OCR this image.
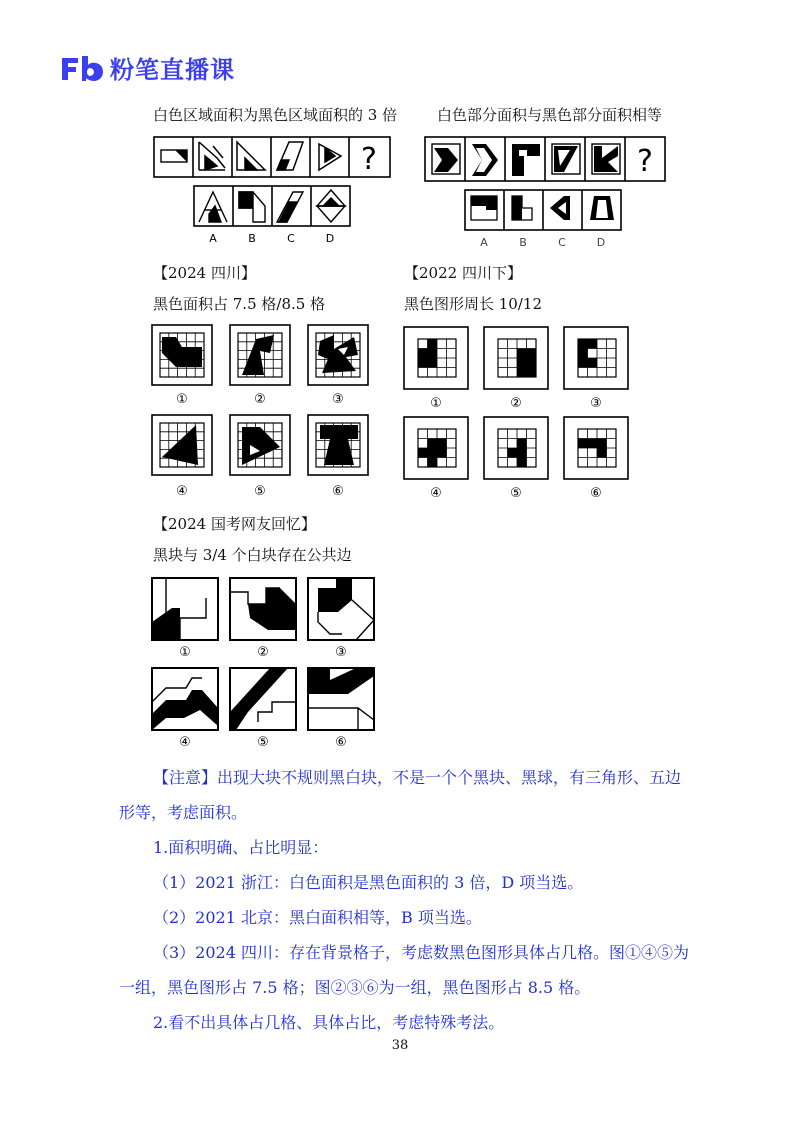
粉笔直播课
白色区域面积为黑色区域面积的 3 倍
?
A	B	C	D
白色部分面积与黑色部分面积相等
?
A	B	C	D
【2024 四川】
黑色面积占 7.5 格/8.5 格
①	②	③
④	⑤	⑥
【2022 四川下】
黑色图形周长 10/12
①	②	③
④	⑤	⑥
【2024 国考网友回忆】
黑块与 3/4 个白块存在公共边
①	②	③
④	⑤	⑥
【注意】出现大块不规则黑白块，不是一个个黑块、黑球，有三角形、五边
形等，考虑面积。
1.面积明确、占比明显：
（1）2021 浙江：白色面积是黑色面积的 3 倍，D 项当选。
（2）2021 北京：黑白面积相等，B 项当选。
（3）2024 四川：存在背景格子，考虑数黑色图形具体占几格。图①④⑤为
一组，黑色图形占 7.5 格；图②③⑥为一组，黑色图形占 8.5 格。
2.看不出具体占几格、具体占比，考虑特殊考法。
38
